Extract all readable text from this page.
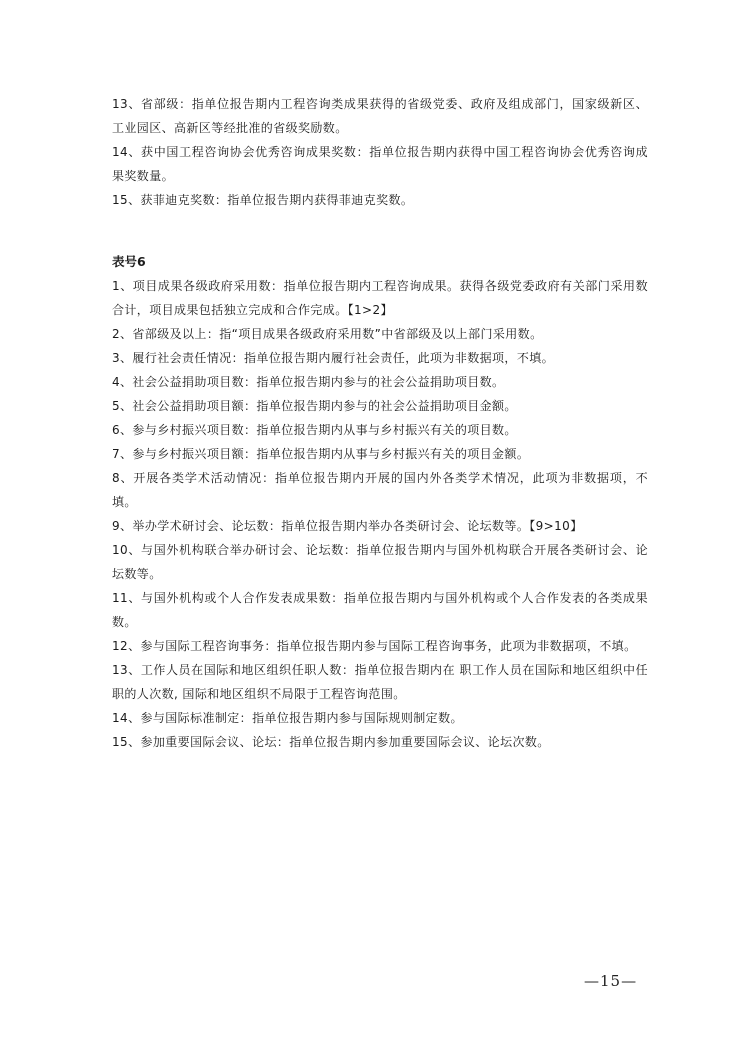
13、省部级：指单位报告期内工程咨询类成果获得的省级党委、政府及组成部门，国家级新区、工业园区、高新区等经批准的省级奖励数。

14、获中国工程咨询协会优秀咨询成果奖数：指单位报告期内获得中国工程咨询协会优秀咨询成果奖数量。

15、获菲迪克奖数：指单位报告期内获得菲迪克奖数。

表号6

1、项目成果各级政府采用数：指单位报告期内工程咨询成果。获得各级党委政府有关部门采用数合计，项目成果包括独立完成和合作完成。【1>2】

2、省部级及以上：指“项目成果各级政府采用数”中省部级及以上部门采用数。

3、履行社会责任情况：指单位报告期内履行社会责任，此项为非数据项，不填。

4、社会公益捐助项目数：指单位报告期内参与的社会公益捐助项目数。

5、社会公益捐助项目额：指单位报告期内参与的社会公益捐助项目金额。

6、参与乡村振兴项目数：指单位报告期内从事与乡村振兴有关的项目数。

7、参与乡村振兴项目额：指单位报告期内从事与乡村振兴有关的项目金额。

8、开展各类学术活动情况：指单位报告期内开展的国内外各类学术情况，此项为非数据项，不填。

9、举办学术研讨会、论坛数：指单位报告期内举办各类研讨会、论坛数等。【9>10】

10、与国外机构联合举办研讨会、论坛数：指单位报告期内与国外机构联合开展各类研讨会、论坛数等。

11、与国外机构或个人合作发表成果数：指单位报告期内与国外机构或个人合作发表的各类成果数。

12、参与国际工程咨询事务：指单位报告期内参与国际工程咨询事务，此项为非数据项，不填。

13、工作人员在国际和地区组织任职人数：指单位报告期内在 职工作人员在国际和地区组织中任职的人次数, 国际和地区组织不局限于工程咨询范围。

14、参与国际标准制定：指单位报告期内参与国际规则制定数。

15、参加重要国际会议、论坛：指单位报告期内参加重要国际会议、论坛次数。

—15—
